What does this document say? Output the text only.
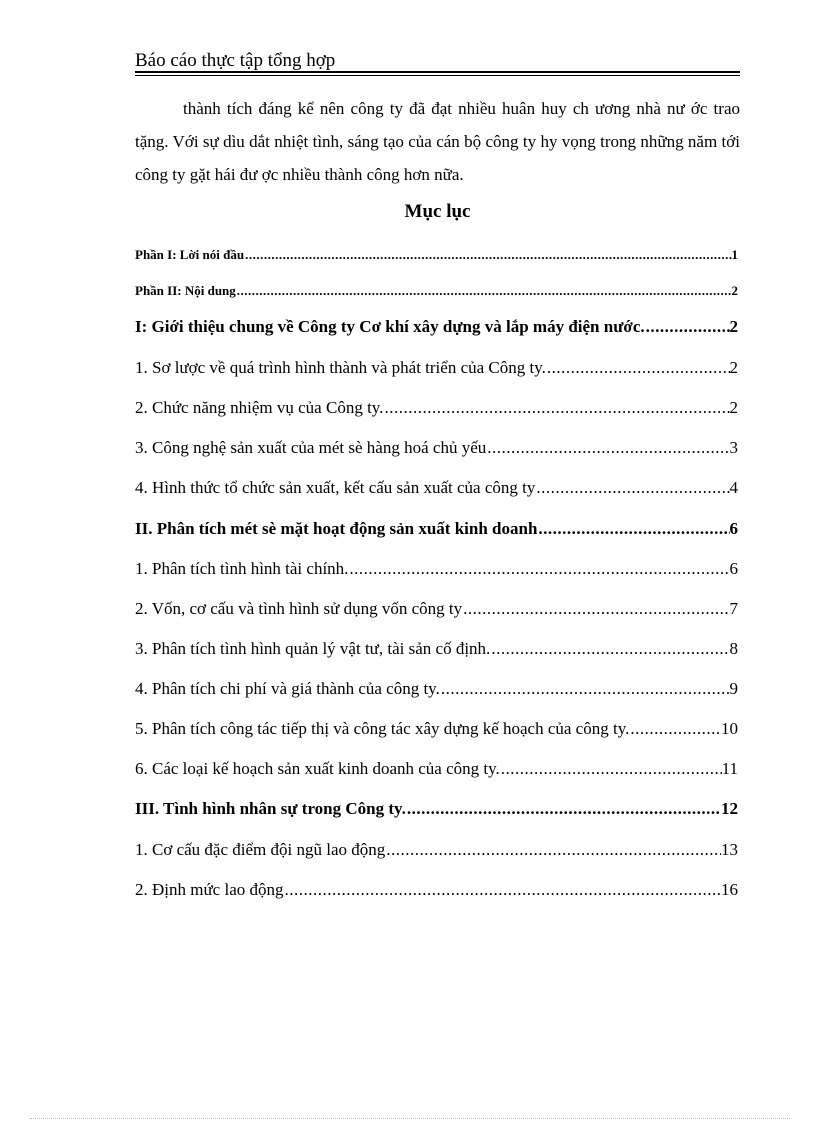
Báo cáo thực tập tổng hợp

thành tích đáng kể nên công ty đã đạt nhiều huân huy ch ương nhà nư ớc trao tặng. Với sự dìu dắt nhiệt tình, sáng tạo của cán bộ công ty hy vọng trong những năm tới công ty gặt hái đư ợc nhiều thành công hơn nữa.

Mục lục
Phần I: Lời nói đầu .....	1
Phần II: Nội dung .....	2
I: Giới thiệu chung về Công ty Cơ khí xây dựng và lắp máy điện nước. .....	2
1. Sơ lược về quá trình hình thành và phát triển của Công ty. .....	2
2. Chức năng nhiệm vụ của Công ty. .....	2
3. Công nghệ sản xuất của mét sè hàng hoá chủ yếu .....	3
4. Hình thức tổ chức sản xuất, kết cấu sản xuất của công ty .....	4
II. Phân tích mét sè mặt hoạt động sản xuất kinh doanh .....	6
1. Phân tích tình hình tài chính. .....	6
2. Vốn, cơ cấu và tình hình sử dụng vốn công ty .....	7
3. Phân tích tình hình quản lý vật tư, tài sản cố định. .....	8
4. Phân tích chi phí và giá thành của công ty. .....	9
5. Phân tích công tác tiếp thị và công tác xây dựng kế hoạch của công ty. .....	10
6. Các loại kế hoạch sản xuất kinh doanh của công ty. .....	11
III. Tình hình nhân sự trong Công ty. .....	12
1. Cơ cấu đặc điểm đội ngũ lao động .....	13
2. Định mức lao động .....	16
